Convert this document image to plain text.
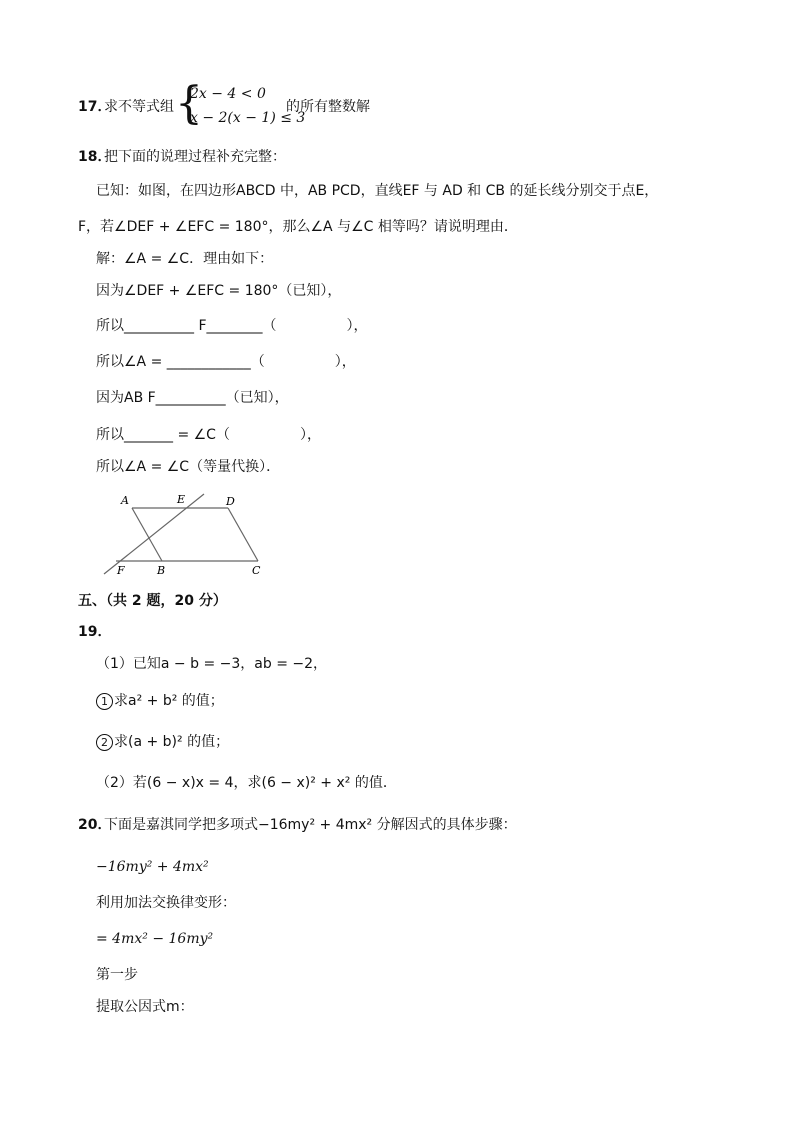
17．
求不等式组 {
2x − 4 < 0
x − 2(x − 1) ≤ 3
的所有整数解
18．
把下面的说理过程补充完整：
已知：如图，在四边形ABCD 中，AB PCD，直线EF 与 AD 和 CB 的延长线分别交于点E，
F，若∠DEF + ∠EFC = 180°，那么∠A 与∠C 相等吗？请说明理由．
解：∠A = ∠C．理由如下：
因为∠DEF + ∠EFC = 180°（已知），
所以__________ F________（　　　　　），
所以∠A = ____________（　　　　　），
因为AB F__________（已知），
所以_______ = ∠C（　　　　　），
所以∠A = ∠C（等量代换）．
A	E	D
F	B	C
五、（共 2 题，20 分）
19．
（1）已知a − b = −3，ab = −2，
1 求a² + b² 的值；
2 求(a + b)² 的值；
（2）若(6 − x)x = 4，求(6 − x)² + x² 的值．
20．
下面是嘉淇同学把多项式−16my² + 4mx² 分解因式的具体步骤：
−16my² + 4mx²
利用加法交换律变形：
= 4mx² − 16my²
第一步
提取公因式m：
